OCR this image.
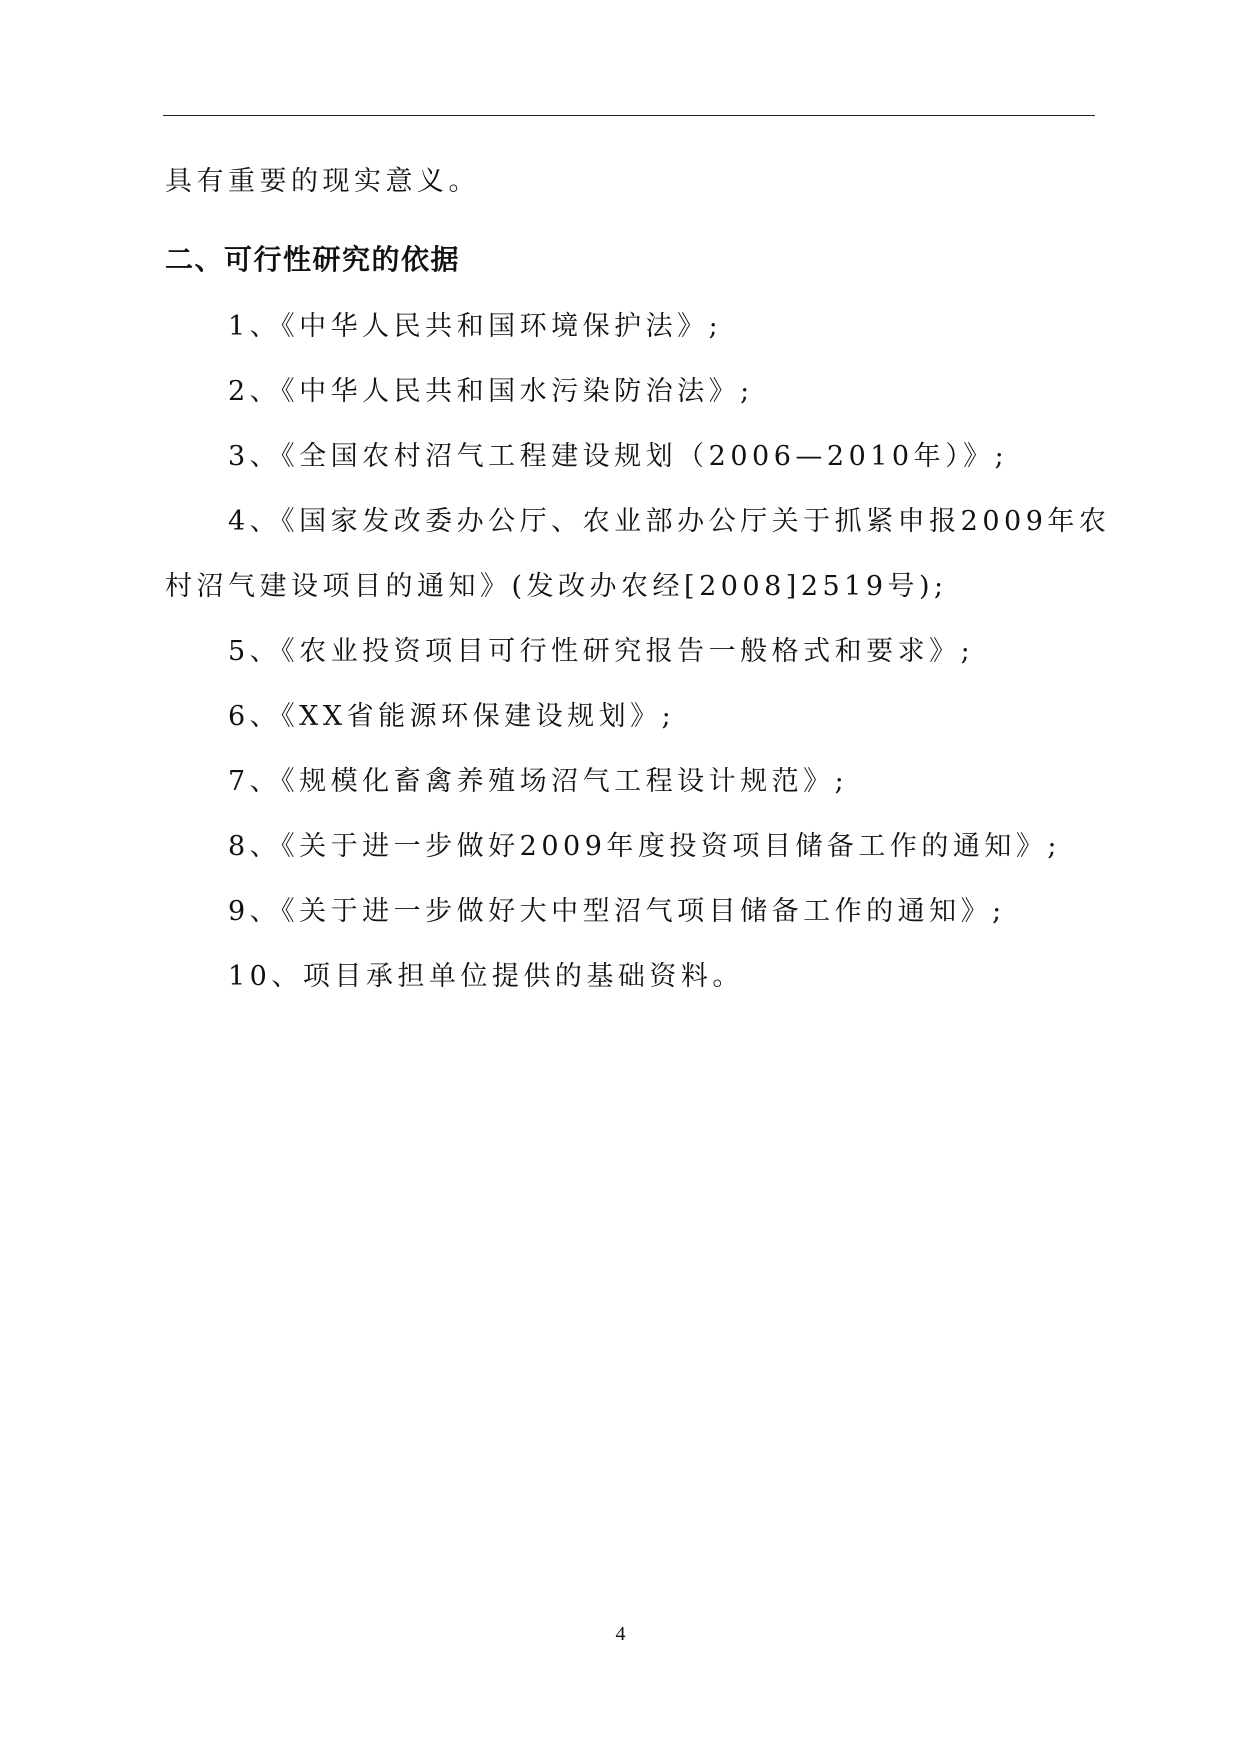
具有重要的现实意义。
二、可行性研究的依据
1、《中华人民共和国环境保护法》;
2、《中华人民共和国水污染防治法》;
3、《全国农村沼气工程建设规划（2006—2010年）》;
4、《国家发改委办公厅、农业部办公厅关于抓紧申报2009年农
村沼气建设项目的通知》(发改办农经[2008]2519号);
5、《农业投资项目可行性研究报告一般格式和要求》;
6、《XX省能源环保建设规划》;
7、《规模化畜禽养殖场沼气工程设计规范》;
8、《关于进一步做好2009年度投资项目储备工作的通知》;
9、《关于进一步做好大中型沼气项目储备工作的通知》;
10、项目承担单位提供的基础资料。
4
